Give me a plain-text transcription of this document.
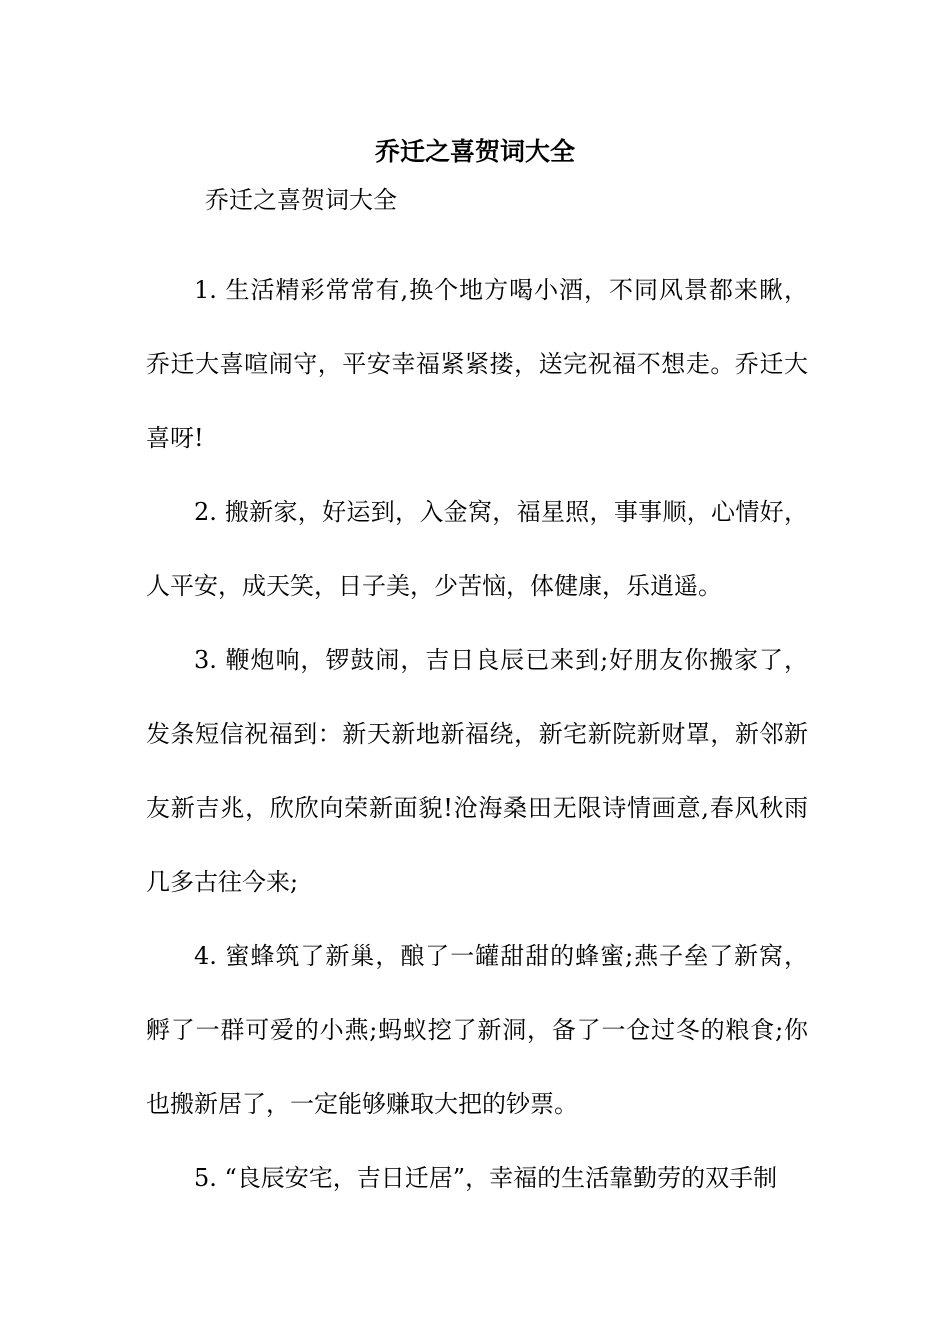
乔迁之喜贺词大全
乔迁之喜贺词大全

1. 生活精彩常常有,换个地方喝小酒，不同风景都来瞅，乔迁大喜喧闹守，平安幸福紧紧搂，送完祝福不想走。乔迁大喜呀!

2. 搬新家，好运到，入金窝，福星照，事事顺，心情好，人平安，成天笑，日子美，少苦恼，体健康，乐逍遥。

3. 鞭炮响，锣鼓闹，吉日良辰已来到;好朋友你搬家了，发条短信祝福到：新天新地新福绕，新宅新院新财罩，新邻新友新吉兆，欣欣向荣新面貌!沧海桑田无限诗情画意,春风秋雨几多古往今来;

4. 蜜蜂筑了新巢，酿了一罐甜甜的蜂蜜;燕子垒了新窝，孵了一群可爱的小燕;蚂蚁挖了新洞，备了一仓过冬的粮食;你也搬新居了，一定能够赚取大把的钞票。

5. “良辰安宅，吉日迁居”，幸福的生活靠勤劳的双手制
